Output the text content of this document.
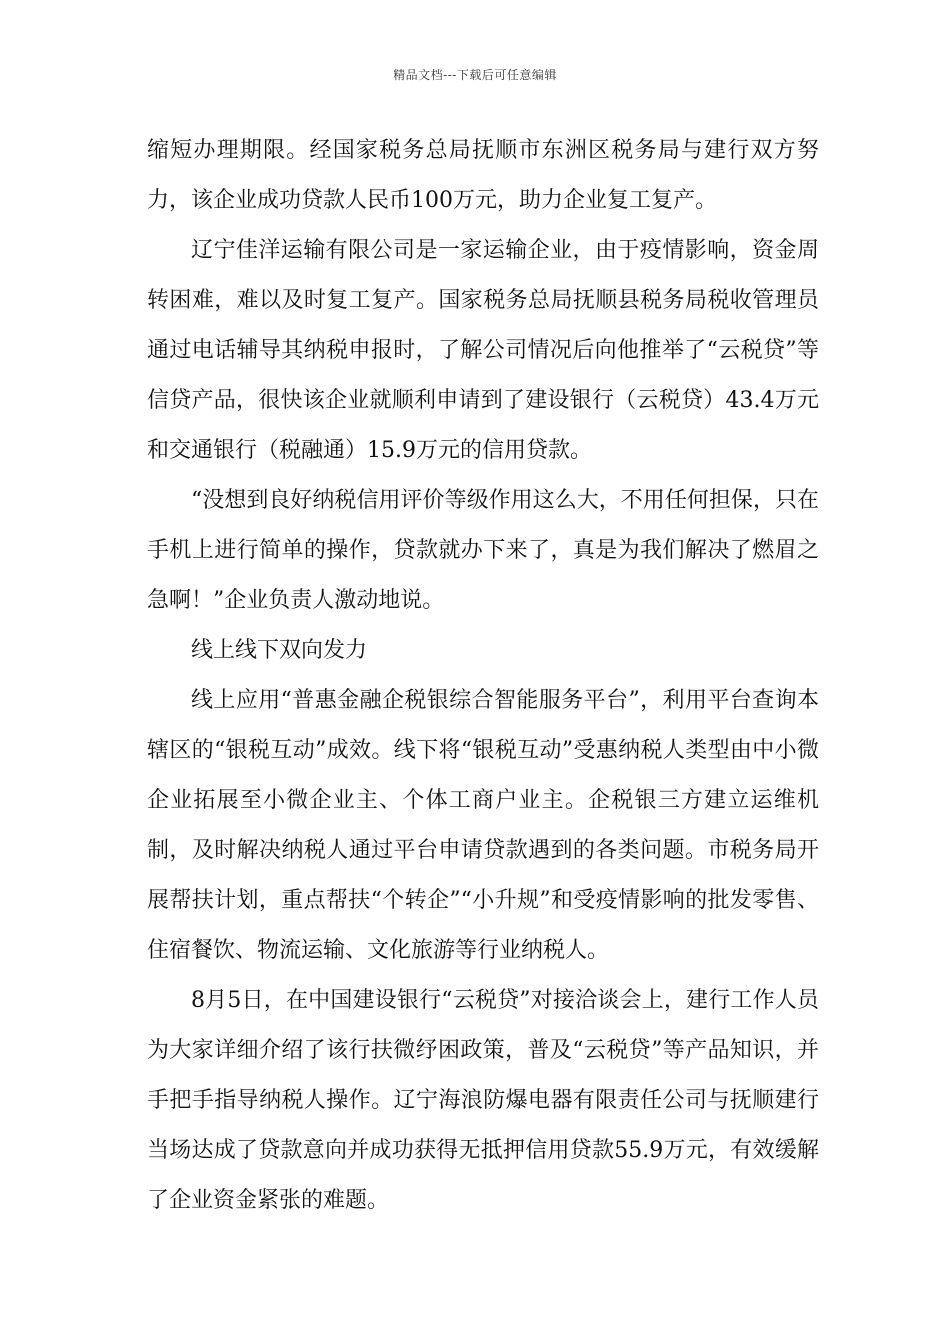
精品文档---下载后可任意编辑

缩短办理期限。经国家税务总局抚顺市东洲区税务局与建行双方努力，该企业成功贷款人民币100万元，助力企业复工复产。

辽宁佳洋运输有限公司是一家运输企业，由于疫情影响，资金周转困难，难以及时复工复产。国家税务总局抚顺县税务局税收管理员通过电话辅导其纳税申报时，了解公司情况后向他推举了“云税贷”等信贷产品，很快该企业就顺利申请到了建设银行（云税贷）43.4万元和交通银行（税融通）15.9万元的信用贷款。

“没想到良好纳税信用评价等级作用这么大，不用任何担保，只在手机上进行简单的操作，贷款就办下来了，真是为我们解决了燃眉之急啊！”企业负责人激动地说。

线上线下双向发力

线上应用“普惠金融企税银综合智能服务平台”，利用平台查询本辖区的“银税互动”成效。线下将“银税互动”受惠纳税人类型由中小微企业拓展至小微企业主、个体工商户业主。企税银三方建立运维机制，及时解决纳税人通过平台申请贷款遇到的各类问题。市税务局开展帮扶计划，重点帮扶“个转企”“小升规”和受疫情影响的批发零售、住宿餐饮、物流运输、文化旅游等行业纳税人。

8月5日，在中国建设银行“云税贷”对接洽谈会上，建行工作人员为大家详细介绍了该行扶微纾困政策，普及“云税贷”等产品知识，并手把手指导纳税人操作。辽宁海浪防爆电器有限责任公司与抚顺建行当场达成了贷款意向并成功获得无抵押信用贷款55.9万元，有效缓解了企业资金紧张的难题。
